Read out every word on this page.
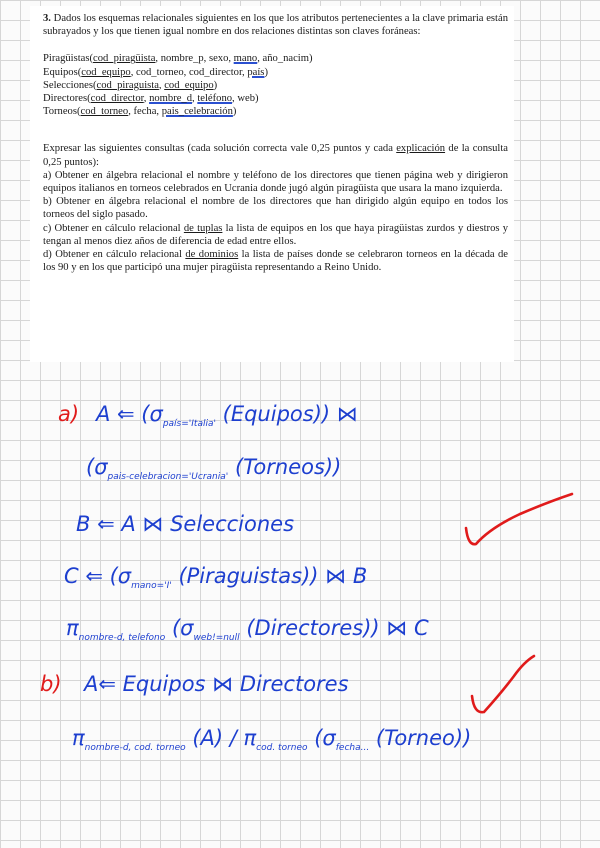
3. Dados los esquemas relacionales siguientes en los que los atributos pertenecientes a la clave primaria están subrayados y los que tienen igual nombre en dos relaciones distintas son claves foráneas:

Piragüistas(cod_piragüista, nombre_p, sexo, mano, año_nacim)
Equipos(cod_equipo, cod_torneo, cod_director, país)
Selecciones(cod_piraguista, cod_equipo)
Directores(cod_director, nombre_d, teléfono, web)
Torneos(cod_torneo, fecha, pais_celebración)

Expresar las siguientes consultas (cada solución correcta vale 0,25 puntos y cada explicación de la consulta 0,25 puntos):

a) Obtener en álgebra relacional el nombre y teléfono de los directores que tienen página web y dirigieron equipos italianos en torneos celebrados en Ucrania donde jugó algún piragüista que usara la mano izquierda.

b) Obtener en álgebra relacional el nombre de los directores que han dirigido algún equipo en todos los torneos del siglo pasado.

c) Obtener en cálculo relacional de tuplas la lista de equipos en los que haya piragüistas zurdos y diestros y tengan al menos diez años de diferencia de edad entre ellos.

d) Obtener en cálculo relacional de dominios la lista de países donde se celebraron torneos en la década de los 90 y en los que participó una mujer piragüista representando a Reino Unido.

a) A ⇐ ($\sigma_{país='Italia'}$ (Equipos)) ⋈
($\sigma_{pais-celebracion='Ucrania'}$ (Torneos))
B ⇐ A ⋈ Selecciones
C ⇐ ($\sigma_{mano='I'}$ (Piraguistas)) ⋈ B
$\pi_{nombre-d, telefono}$ ($\sigma_{web!=null}$ (Directores)) ⋈ C
b) A⇐ Equipos ⋈ Directores
$\pi_{nombre-d, cod. torneo}$ $(A) / \pi_{cod. torneo}$ ($\sigma_{fecha...}$ (Torneo))
